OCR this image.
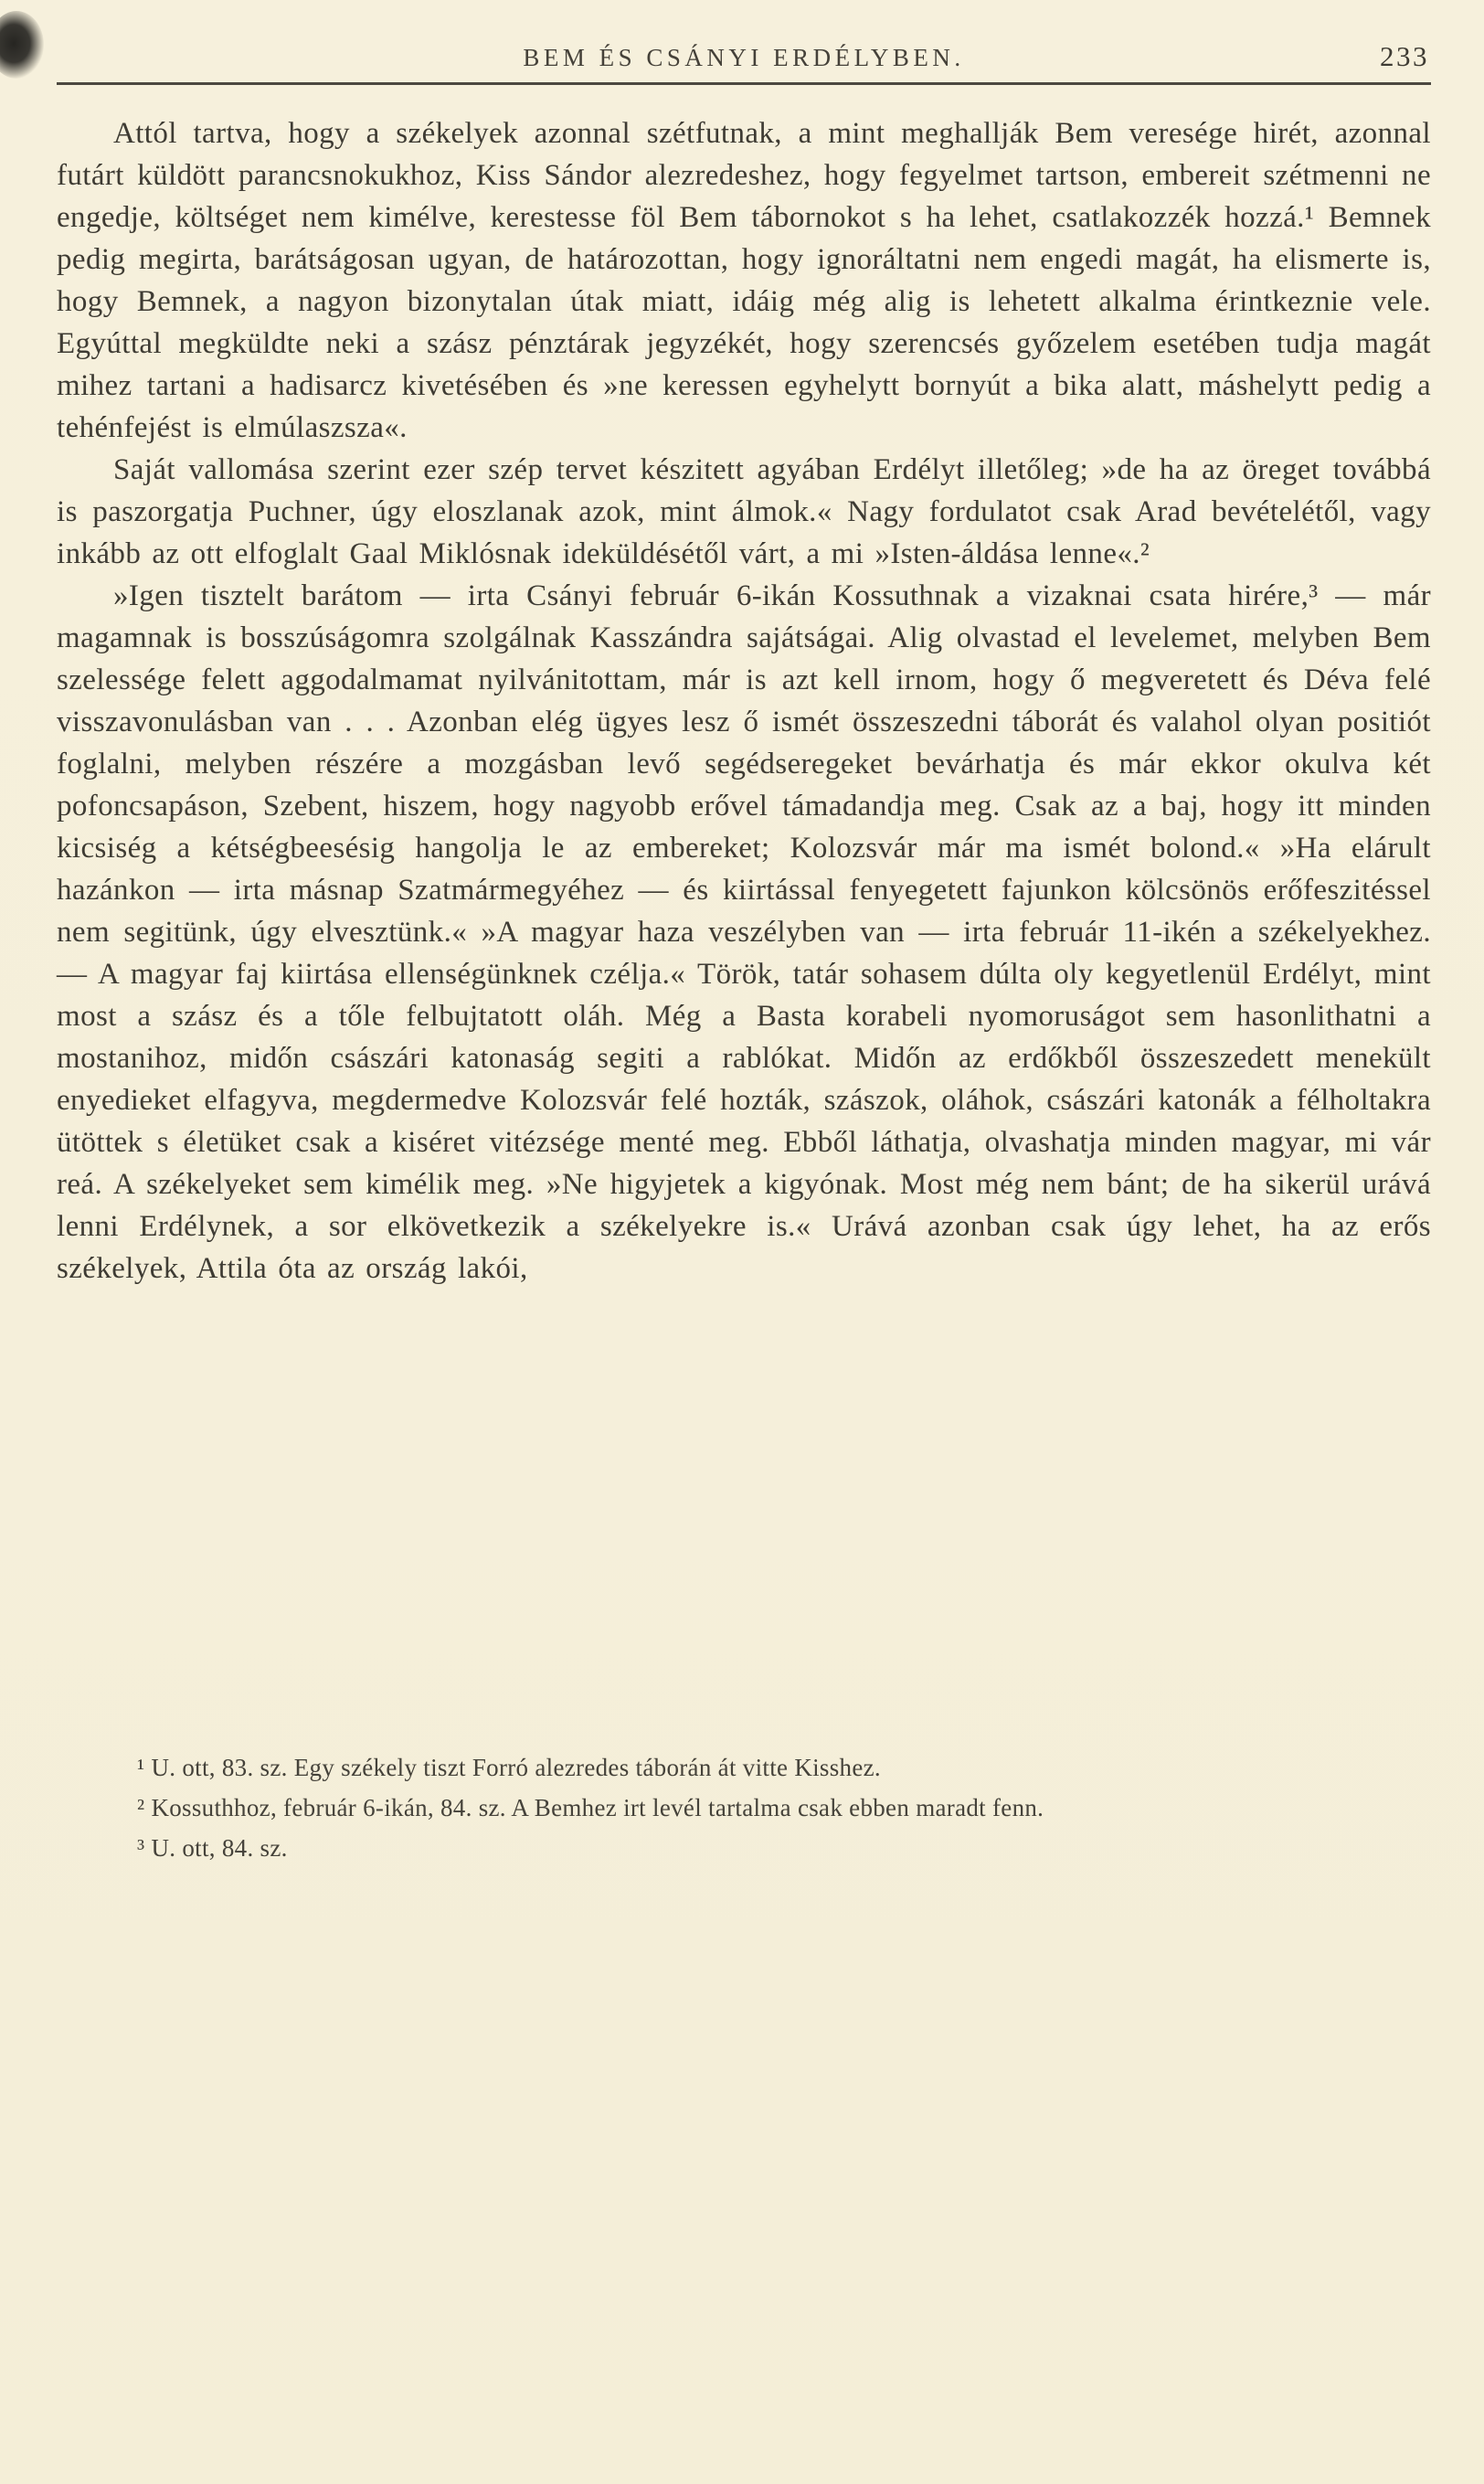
BEM ÉS CSÁNYI ERDÉLYBEN.	233

Attól tartva, hogy a székelyek azonnal szétfutnak, a mint meghallják Bem veresége hirét, azonnal futárt küldött parancsnokukhoz, Kiss Sándor alezredeshez, hogy fegyelmet tartson, embereit szétmenni ne engedje, költséget nem kimélve, kerestesse föl Bem tábornokot s ha lehet, csatlakozzék hozzá.¹ Bemnek pedig megirta, barátságosan ugyan, de határozottan, hogy ignoráltatni nem engedi magát, ha elismerte is, hogy Bemnek, a nagyon bizonytalan útak miatt, idáig még alig is lehetett alkalma érintkeznie vele. Egyúttal megküldte neki a szász pénztárak jegyzékét, hogy szerencsés győzelem esetében tudja magát mihez tartani a hadisarcz kivetésében és »ne keressen egyhelytt bornyút a bika alatt, máshelytt pedig a tehénfejést is elmúlaszsza«.

Saját vallomása szerint ezer szép tervet készitett agyában Erdélyt illetőleg; »de ha az öreget továbbá is paszorgatja Puchner, úgy eloszlanak azok, mint álmok.« Nagy fordulatot csak Arad bevételétől, vagy inkább az ott elfoglalt Gaal Miklósnak ideküldésétől várt, a mi »Isten-áldása lenne«.²

»Igen tisztelt barátom — irta Csányi február 6-ikán Kossuthnak a vizaknai csata hirére,³ — már magamnak is bosszúságomra szolgálnak Kasszándra sajátságai. Alig olvastad el levelemet, melyben Bem szelessége felett aggodalmamat nyilvánitottam, már is azt kell irnom, hogy ő megveretett és Déva felé visszavonulásban van . . . Azonban elég ügyes lesz ő ismét összeszedni táborát és valahol olyan positiót foglalni, melyben részére a mozgásban levő segédseregeket bevárhatja és már ekkor okulva két pofoncsapáson, Szebent, hiszem, hogy nagyobb erővel támadandja meg. Csak az a baj, hogy itt minden kicsiség a kétségbeesésig hangolja le az embereket; Kolozsvár már ma ismét bolond.« »Ha elárult hazánkon — irta másnap Szatmármegyéhez — és kiirtással fenyegetett fajunkon kölcsönös erőfeszitéssel nem segitünk, úgy elvesztünk.« »A magyar haza veszélyben van — irta február 11-ikén a székelyekhez. — A magyar faj kiirtása ellenségünknek czélja.« Török, tatár sohasem dúlta oly kegyetlenül Erdélyt, mint most a szász és a tőle felbujtatott oláh. Még a Basta korabeli nyomoruságot sem hasonlithatni a mostanihoz, midőn császári katonaság segiti a rablókat. Midőn az erdőkből összeszedett menekült enyedieket elfagyva, megdermedve Kolozsvár felé hozták, szászok, oláhok, császári katonák a félholtakra ütöttek s életüket csak a kiséret vitézsége menté meg. Ebből láthatja, olvashatja minden magyar, mi vár reá. A székelyeket sem kimélik meg. »Ne higyjetek a kigyónak. Most még nem bánt; de ha sikerül urává lenni Erdélynek, a sor elkövetkezik a székelyekre is.« Urává azonban csak úgy lehet, ha az erős székelyek, Attila óta az ország lakói,

¹ U. ott, 83. sz. Egy székely tiszt Forró alezredes táborán át vitte Kisshez.

² Kossuthhoz, február 6-ikán, 84. sz. A Bemhez irt levél tartalma csak ebben maradt fenn.

³ U. ott, 84. sz.
